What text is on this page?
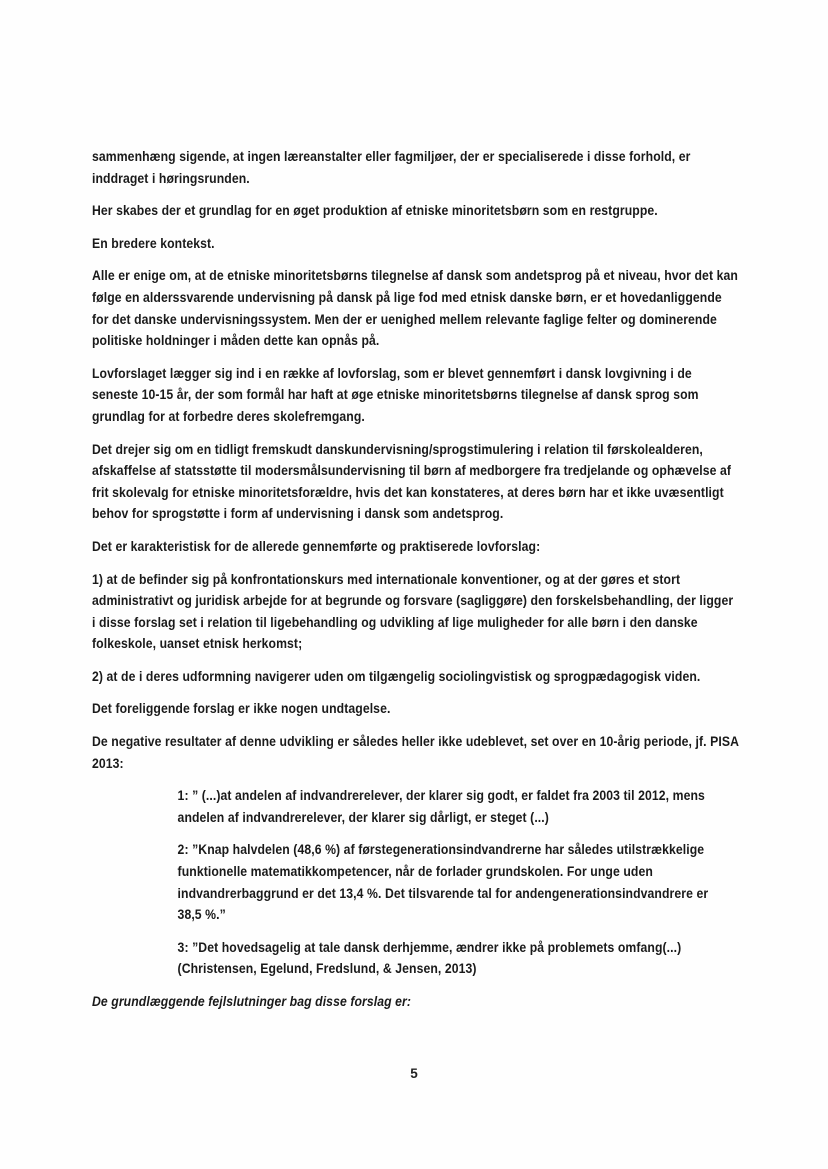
sammenhæng sigende, at ingen læreanstalter eller fagmiljøer, der er specialiserede i disse forhold, er inddraget i høringsrunden.

Her skabes der et grundlag for en øget produktion af etniske minoritetsbørn som en restgruppe.

En bredere kontekst.

Alle er enige om, at de etniske minoritetsbørns tilegnelse af dansk som andetsprog på et niveau, hvor det kan følge en alderssvarende undervisning på dansk på lige fod med etnisk danske børn, er et hovedanliggende for det danske undervisningssystem. Men der er uenighed mellem relevante faglige felter og dominerende politiske holdninger i måden dette kan opnås på.

Lovforslaget lægger sig ind i en række af lovforslag, som er blevet gennemført i dansk lovgivning i de seneste 10-15 år, der som formål har haft at øge etniske minoritetsbørns tilegnelse af dansk sprog som grundlag for at forbedre deres skolefremgang.

Det drejer sig om en tidligt fremskudt danskundervisning/sprogstimulering i relation til førskolealderen, afskaffelse af statsstøtte til modersmålsundervisning til børn af medborgere fra tredjelande og ophævelse af frit skolevalg for etniske minoritetsforældre, hvis det kan konstateres, at deres børn har et ikke uvæsentligt behov for sprogstøtte i form af undervisning i dansk som andetsprog.

Det er karakteristisk for de allerede gennemførte og praktiserede lovforslag:

1) at de befinder sig på konfrontationskurs med internationale konventioner, og at der gøres et stort administrativt og juridisk arbejde for at begrunde og forsvare (sagliggøre) den forskelsbehandling, der ligger i disse forslag set i relation til ligebehandling og udvikling af lige muligheder for alle børn i den danske folkeskole, uanset etnisk herkomst;

2) at de i deres udformning navigerer uden om tilgængelig sociolingvistisk og sprogpædagogisk viden.

Det foreliggende forslag er ikke nogen undtagelse.

De negative resultater af denne udvikling er således heller ikke udeblevet, set over en 10-årig periode, jf. PISA 2013:

1: ” (...)at andelen af indvandrerelever, der klarer sig godt, er faldet fra 2003 til 2012, mens andelen af indvandrerelever, der klarer sig dårligt, er steget (...)

2: ”Knap halvdelen (48,6 %) af førstegenerationsindvandrerne har således utilstrækkelige funktionelle matematikkompetencer, når de forlader grundskolen. For unge uden indvandrerbaggrund er det 13,4 %. Det tilsvarende tal for andengenerationsindvandrere er 38,5 %.”

3: ”Det hovedsagelig at tale dansk derhjemme, ændrer ikke på problemets omfang(...)
(Christensen, Egelund, Fredslund, & Jensen, 2013)

De grundlæggende fejlslutninger bag disse forslag er:

5
